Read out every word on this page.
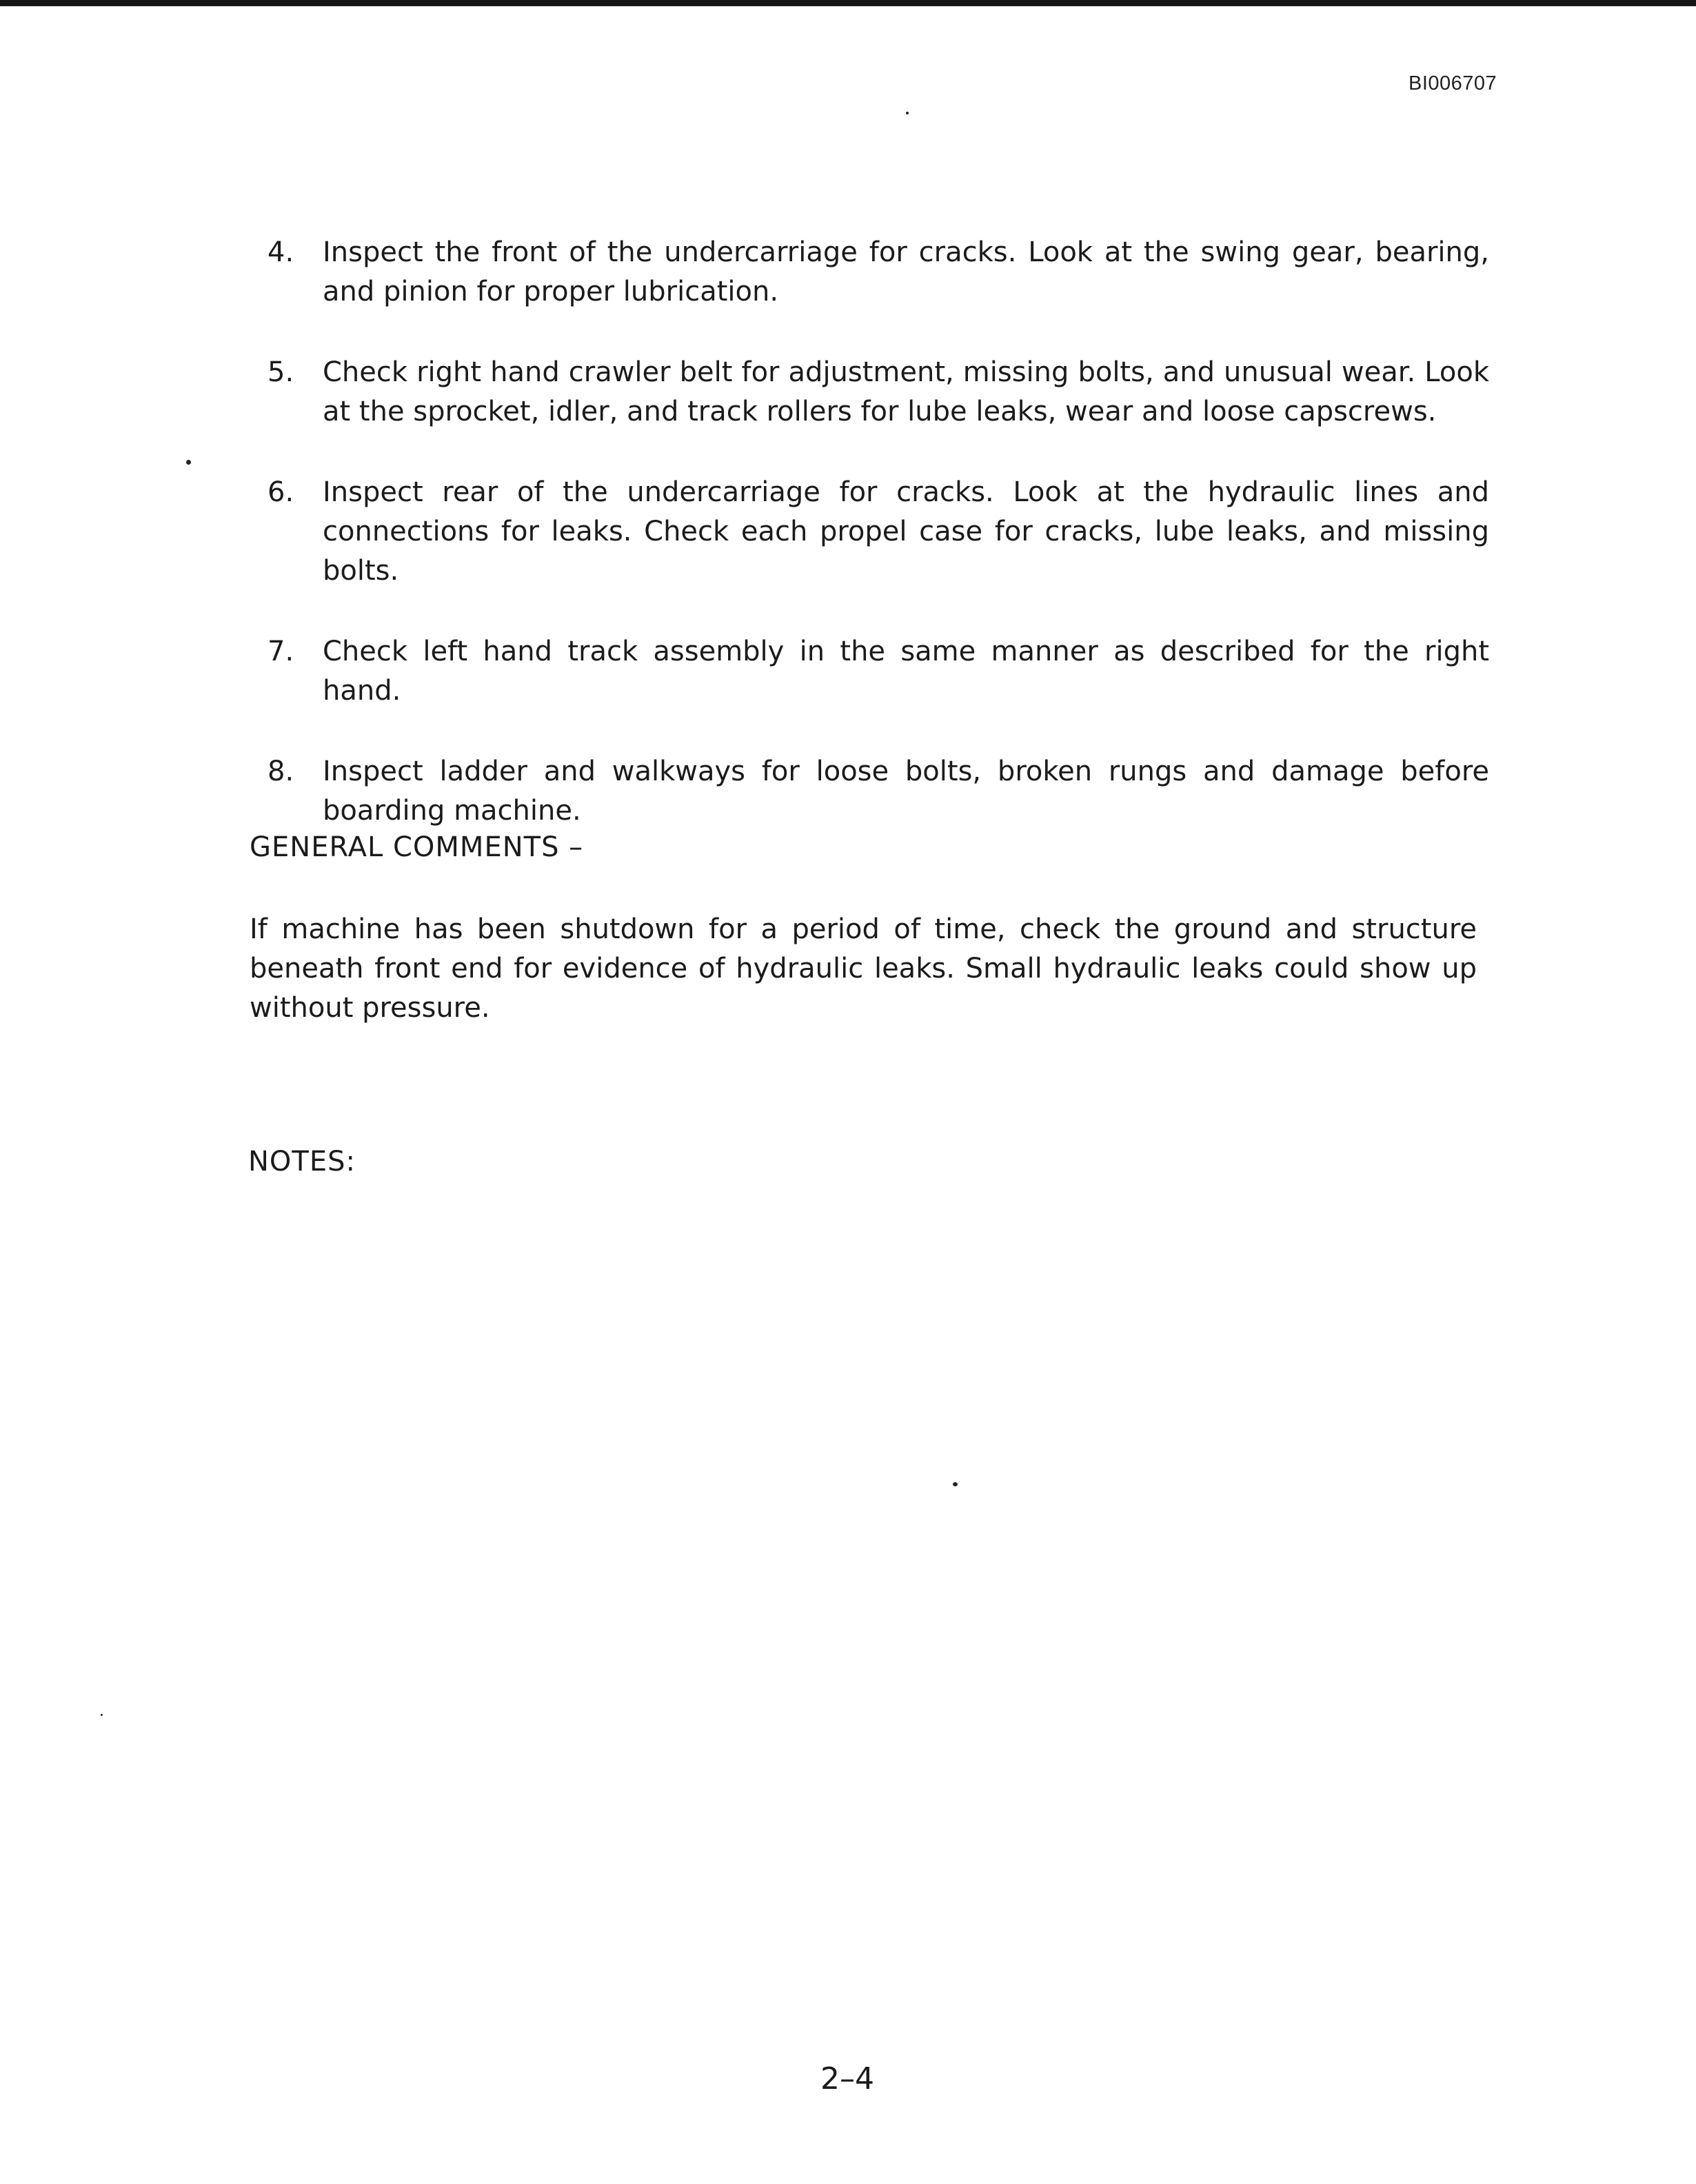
BI006707
4. Inspect the front of the undercarriage for cracks. Look at the swing gear, bearing, and pinion for proper lubrication.
5. Check right hand crawler belt for adjustment, missing bolts, and unusual wear. Look at the sprocket, idler, and track rollers for lube leaks, wear and loose capscrews.
6. Inspect rear of the undercarriage for cracks. Look at the hydraulic lines and connections for leaks. Check each propel case for cracks, lube leaks, and missing bolts.
7. Check left hand track assembly in the same manner as described for the right hand.
8. Inspect ladder and walkways for loose bolts, broken rungs and damage before boarding machine.
GENERAL COMMENTS –
If machine has been shutdown for a period of time, check the ground and structure beneath front end for evidence of hydraulic leaks. Small hydraulic leaks could show up without pressure.
NOTES:
2–4
